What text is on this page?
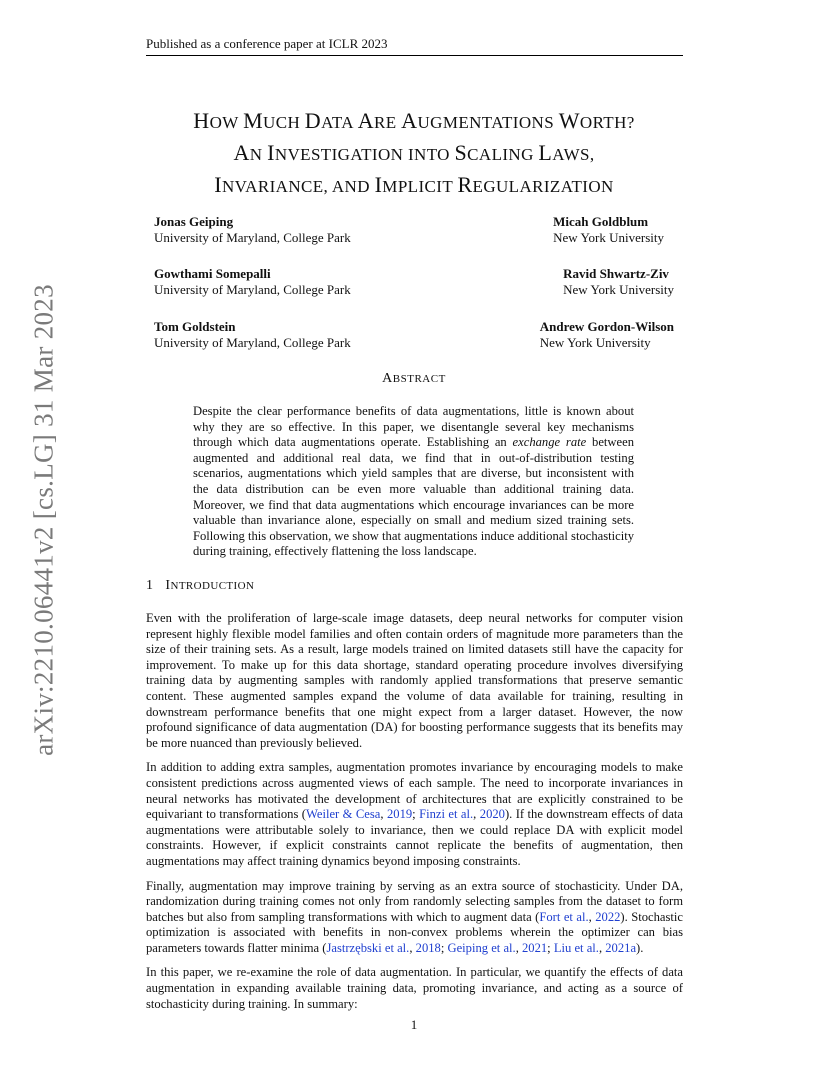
Published as a conference paper at ICLR 2023
arXiv:2210.06441v2 [cs.LG] 31 Mar 2023
HOW MUCH DATA ARE AUGMENTATIONS WORTH?
AN INVESTIGATION INTO SCALING LAWS,
INVARIANCE, AND IMPLICIT REGULARIZATION
Jonas Geiping
University of Maryland, College Park
Micah Goldblum
New York University
Gowthami Somepalli
University of Maryland, College Park
Ravid Shwartz-Ziv
New York University
Tom Goldstein
University of Maryland, College Park
Andrew Gordon-Wilson
New York University
ABSTRACT
Despite the clear performance benefits of data augmentations, little is known about why they are so effective. In this paper, we disentangle several key mechanisms through which data augmentations operate. Establishing an exchange rate between augmented and additional real data, we find that in out-of-distribution testing scenarios, augmentations which yield samples that are diverse, but inconsistent with the data distribution can be even more valuable than additional training data. Moreover, we find that data augmentations which encourage invariances can be more valuable than invariance alone, especially on small and medium sized training sets. Following this observation, we show that augmentations induce additional stochasticity during training, effectively flattening the loss landscape.
1 INTRODUCTION

Even with the proliferation of large-scale image datasets, deep neural networks for computer vision represent highly flexible model families and often contain orders of magnitude more parameters than the size of their training sets. As a result, large models trained on limited datasets still have the capacity for improvement. To make up for this data shortage, standard operating procedure involves diversifying training data by augmenting samples with randomly applied transformations that preserve semantic content. These augmented samples expand the volume of data available for training, resulting in downstream performance benefits that one might expect from a larger dataset. However, the now profound significance of data augmentation (DA) for boosting performance suggests that its benefits may be more nuanced than previously believed.

In addition to adding extra samples, augmentation promotes invariance by encouraging models to make consistent predictions across augmented views of each sample. The need to incorporate invariances in neural networks has motivated the development of architectures that are explicitly constrained to be equivariant to transformations (Weiler & Cesa, 2019; Finzi et al., 2020). If the downstream effects of data augmentations were attributable solely to invariance, then we could replace DA with explicit model constraints. However, if explicit constraints cannot replicate the benefits of augmentation, then augmentations may affect training dynamics beyond imposing constraints.

Finally, augmentation may improve training by serving as an extra source of stochasticity. Under DA, randomization during training comes not only from randomly selecting samples from the dataset to form batches but also from sampling transformations with which to augment data (Fort et al., 2022). Stochastic optimization is associated with benefits in non-convex problems wherein the optimizer can bias parameters towards flatter minima (Jastrzębski et al., 2018; Geiping et al., 2021; Liu et al., 2021a).

In this paper, we re-examine the role of data augmentation. In particular, we quantify the effects of data augmentation in expanding available training data, promoting invariance, and acting as a source of stochasticity during training. In summary:

1
